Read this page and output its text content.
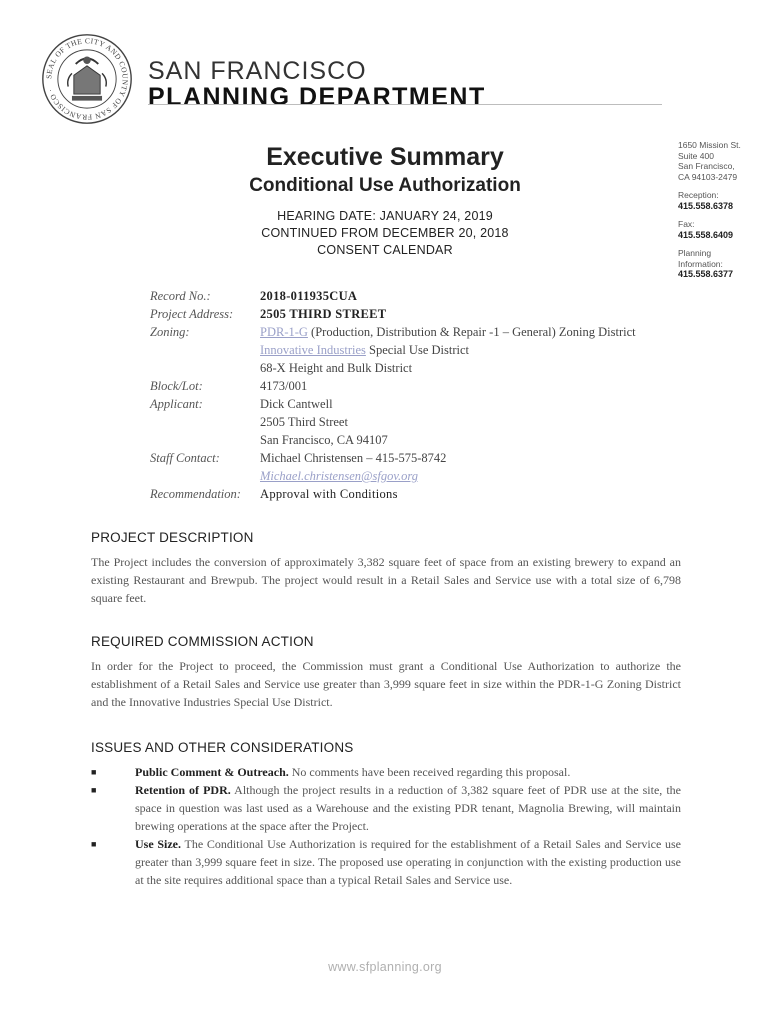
SEAL OF THE CITY AND COUNTY OF SAN FRANCISCO ·
SAN FRANCISCO
PLANNING DEPARTMENT
1650 Mission St.
Suite 400
San Francisco,
CA 94103-2479
Reception:
415.558.6378
Fax:
415.558.6409
Planning
Information:
415.558.6377
Executive Summary
Conditional Use Authorization
HEARING DATE: JANUARY 24, 2019
CONTINUED FROM DECEMBER 20, 2018
CONSENT CALENDAR
Record No.:	2018-011935CUA
Project Address:	2505 THIRD STREET
Zoning:	PDR-1-G (Production, Distribution & Repair -1 – General) Zoning District
Innovative Industries Special Use District
68-X Height and Bulk District
Block/Lot:	4173/001
Applicant:	Dick Cantwell
2505 Third Street
San Francisco, CA 94107
Staff Contact:	Michael Christensen – 415-575-8742
Michael.christensen@sfgov.org
Recommendation:	Approval with Conditions
PROJECT DESCRIPTION

The Project includes the conversion of approximately 3,382 square feet of space from an existing brewery to expand an existing Restaurant and Brewpub. The project would result in a Retail Sales and Service use with a total size of 6,798 square feet.

REQUIRED COMMISSION ACTION

In order for the Project to proceed, the Commission must grant a Conditional Use Authorization to authorize the establishment of a Retail Sales and Service use greater than 3,999 square feet in size within the PDR-1-G Zoning District and the Innovative Industries Special Use District.

ISSUES AND OTHER CONSIDERATIONS
■	Public Comment & Outreach. No comments have been received regarding this proposal.
■	Retention of PDR. Although the project results in a reduction of 3,382 square feet of PDR use at the site, the space in question was last used as a Warehouse and the existing PDR tenant, Magnolia Brewing, will maintain brewing operations at the space after the Project.
■	Use Size. The Conditional Use Authorization is required for the establishment of a Retail Sales and Service use greater than 3,999 square feet in size. The proposed use operating in conjunction with the existing production use at the site requires additional space than a typical Retail Sales and Service use.
www.sfplanning.org
